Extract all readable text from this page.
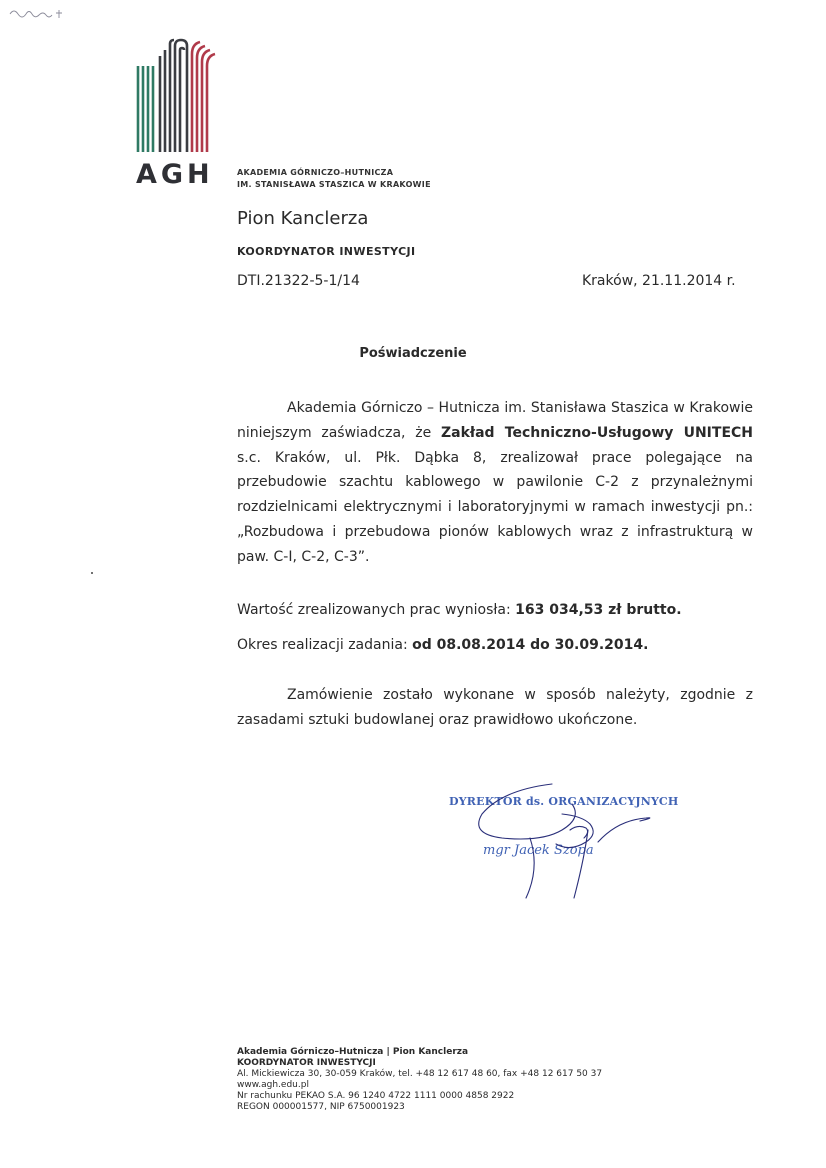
AGH	AKADEMIA GÓRNICZO–HUTNICZA
IM. STANISŁAWA STASZICA W KRAKOWIE
Pion Kanclerza
KOORDYNATOR INWESTYCJI
DTI.21322-5-1/14	Kraków, 21.11.2014 r.
Poświadczenie
Akademia Górniczo – Hutnicza im. Stanisława Staszica w Krakowie niniejszym zaświadcza, że Zakład Techniczno-Usługowy UNITECH s.c. Kraków, ul. Płk. Dąbka 8, zrealizował prace polegające na przebudowie szachtu kablowego w pawilonie C-2 z przynależnymi rozdzielnicami elektrycznymi i laboratoryjnymi w ramach inwestycji pn.: „Rozbudowa i przebudowa pionów kablowych wraz z infrastrukturą w paw. C-I, C-2, C-3”.
Wartość zrealizowanych prac wyniosła: 163 034,53 zł brutto.
Okres realizacji zadania: od 08.08.2014 do 30.09.2014.
Zamówienie zostało wykonane w sposób należyty, zgodnie z zasadami sztuki budowlanej oraz prawidłowo ukończone.
DYREKTOR ds. ORGANIZACYJNYCH
mgr Jacek Szopa
Akademia Górniczo–Hutnicza | Pion Kanclerza
KOORDYNATOR INWESTYCJI
Al. Mickiewicza 30, 30-059 Kraków, tel. +48 12 617 48 60, fax +48 12 617 50 37
www.agh.edu.pl
Nr rachunku PEKAO S.A. 96 1240 4722 1111 0000 4858 2922
REGON 000001577, NIP 6750001923
